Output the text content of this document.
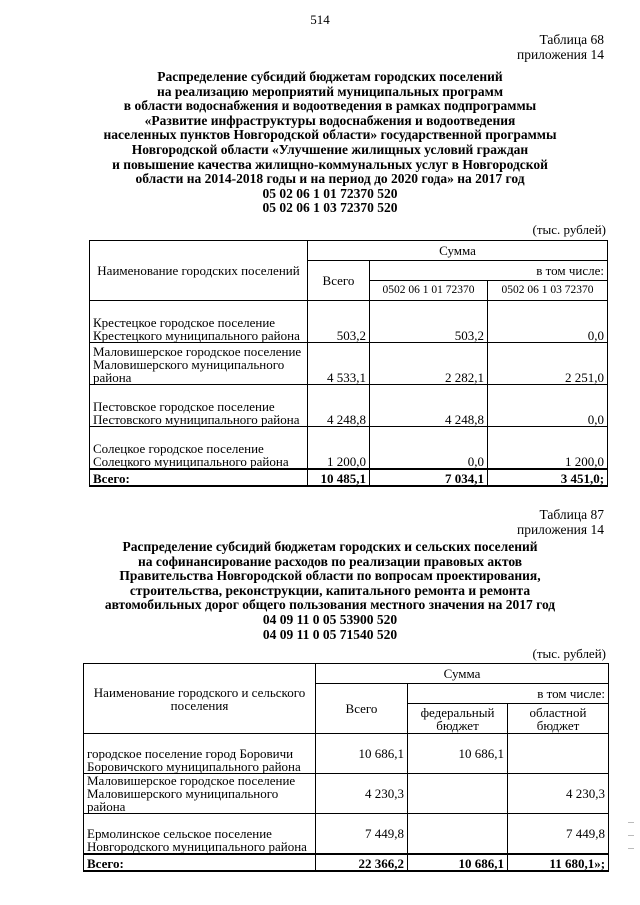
514
Таблица 68
приложения 14
Распределение субсидий бюджетам городских поселений
на реализацию мероприятий муниципальных программ
в области водоснабжения и водоотведения в рамках подпрограммы
«Развитие инфраструктуры водоснабжения и водоотведения
населенных пунктов Новгородской области» государственной программы
Новгородской области «Улучшение жилищных условий граждан
и повышение качества жилищно-коммунальных услуг в Новгородской
области на 2014-2018 годы и на период до 2020 года» на 2017 год
05 02 06 1 01 72370 520
05 02 06 1 03 72370 520
(тыс. рублей)
Наименование городских поселений	Сумма		
	Всего	в том числе:	
		0502 06 1 01 72370	0502 06 1 03 72370
Крестецкое городское поселение Крестецкого муниципального района	503,2	503,2	0,0
Маловишерское городское поселение Маловишерского муниципального района	4 533,1	2 282,1	2 251,0
Пестовское городское поселение Пестовского муниципального района	4 248,8	4 248,8	0,0
Солецкое городское поселение Солецкого муниципального района	1 200,0	0,0	1 200,0
Всего:	10 485,1	7 034,1	3 451,0;
Таблица 87
приложения 14
Распределение субсидий бюджетам городских и сельских поселений
на софинансирование расходов по реализации правовых актов
Правительства Новгородской области по вопросам проектирования,
строительства, реконструкции, капитального ремонта и ремонта
автомобильных дорог общего пользования местного значения на 2017 год
04 09 11 0 05 53900 520
04 09 11 0 05 71540 520
(тыс. рублей)
Наименование городского и сельского поселения	Сумма		
	Всего	в том числе:	
		федеральный бюджет	областной бюджет
городское поселение город Боровичи Боровичского муниципального района	10 686,1	10 686,1	
Маловишерское городское поселение Маловишерского муниципального района	4 230,3		4 230,3
Ермолинское сельское поселение Новгородского муниципального района	7 449,8		7 449,8
Всего:	22 366,2	10 686,1	11 680,1»;
